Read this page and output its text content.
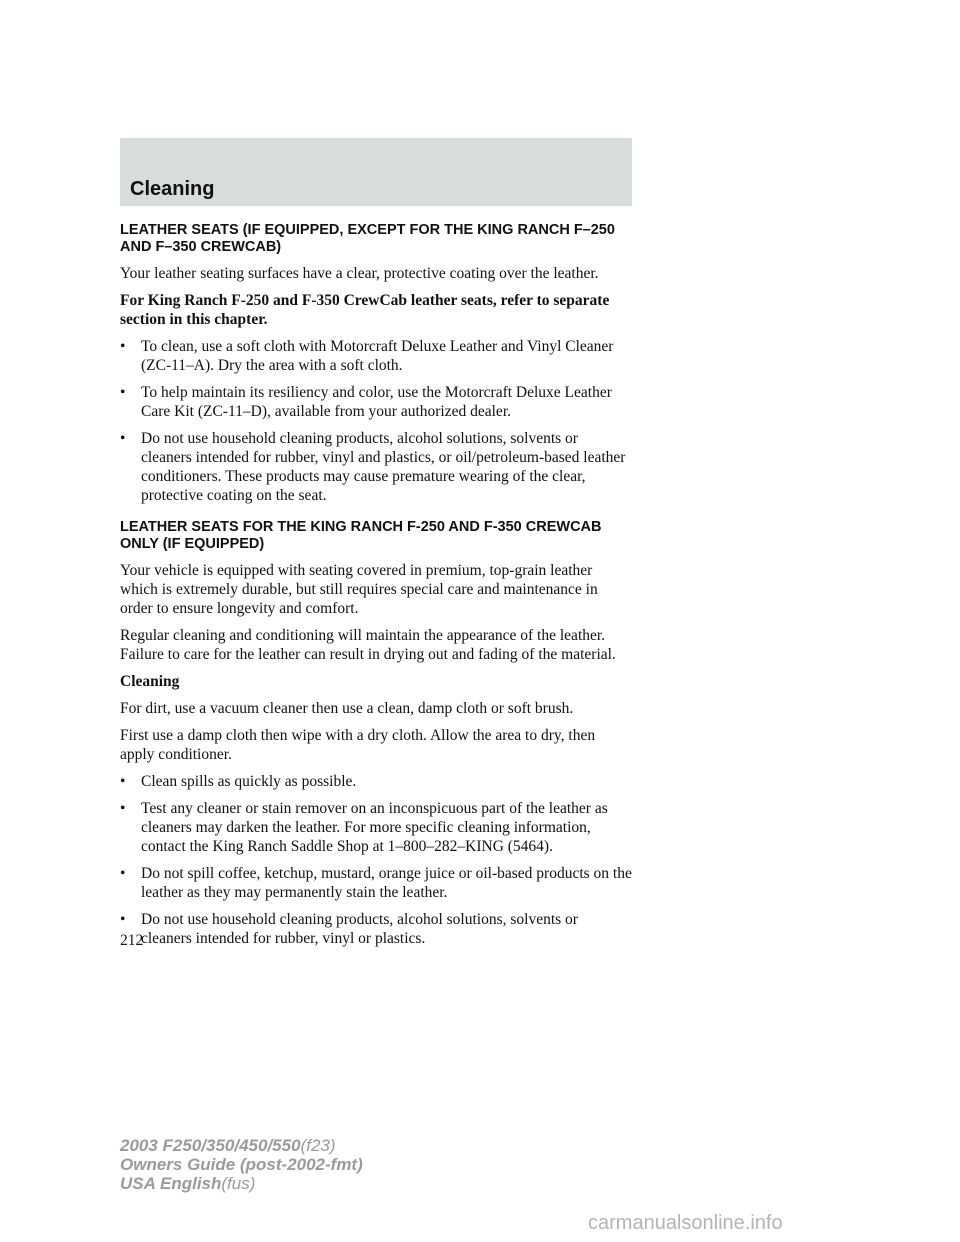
Cleaning
LEATHER SEATS (IF EQUIPPED, EXCEPT FOR THE KING RANCH F–250 AND F–350 CREWCAB)

Your leather seating surfaces have a clear, protective coating over the leather.

For King Ranch F-250 and F-350 CrewCab leather seats, refer to separate section in this chapter.

• To clean, use a soft cloth with Motorcraft Deluxe Leather and Vinyl Cleaner (ZC-11–A). Dry the area with a soft cloth.
• To help maintain its resiliency and color, use the Motorcraft Deluxe Leather Care Kit (ZC-11–D), available from your authorized dealer.
• Do not use household cleaning products, alcohol solutions, solvents or cleaners intended for rubber, vinyl and plastics, or oil/petroleum-based leather conditioners. These products may cause premature wearing of the clear, protective coating on the seat.
LEATHER SEATS FOR THE KING RANCH F-250 AND F-350 CREWCAB ONLY (IF EQUIPPED)

Your vehicle is equipped with seating covered in premium, top-grain leather which is extremely durable, but still requires special care and maintenance in order to ensure longevity and comfort.

Regular cleaning and conditioning will maintain the appearance of the leather. Failure to care for the leather can result in drying out and fading of the material.

Cleaning

For dirt, use a vacuum cleaner then use a clean, damp cloth or soft brush.

First use a damp cloth then wipe with a dry cloth. Allow the area to dry, then apply conditioner.

• Clean spills as quickly as possible.
• Test any cleaner or stain remover on an inconspicuous part of the leather as cleaners may darken the leather. For more specific cleaning information, contact the King Ranch Saddle Shop at 1–800–282–KING (5464).
• Do not spill coffee, ketchup, mustard, orange juice or oil-based products on the leather as they may permanently stain the leather.
• Do not use household cleaning products, alcohol solutions, solvents or cleaners intended for rubber, vinyl or plastics.
212
2003 F250/350/450/550(f23)
Owners Guide (post-2002-fmt)
USA English(fus)
carmanualsonline.info
